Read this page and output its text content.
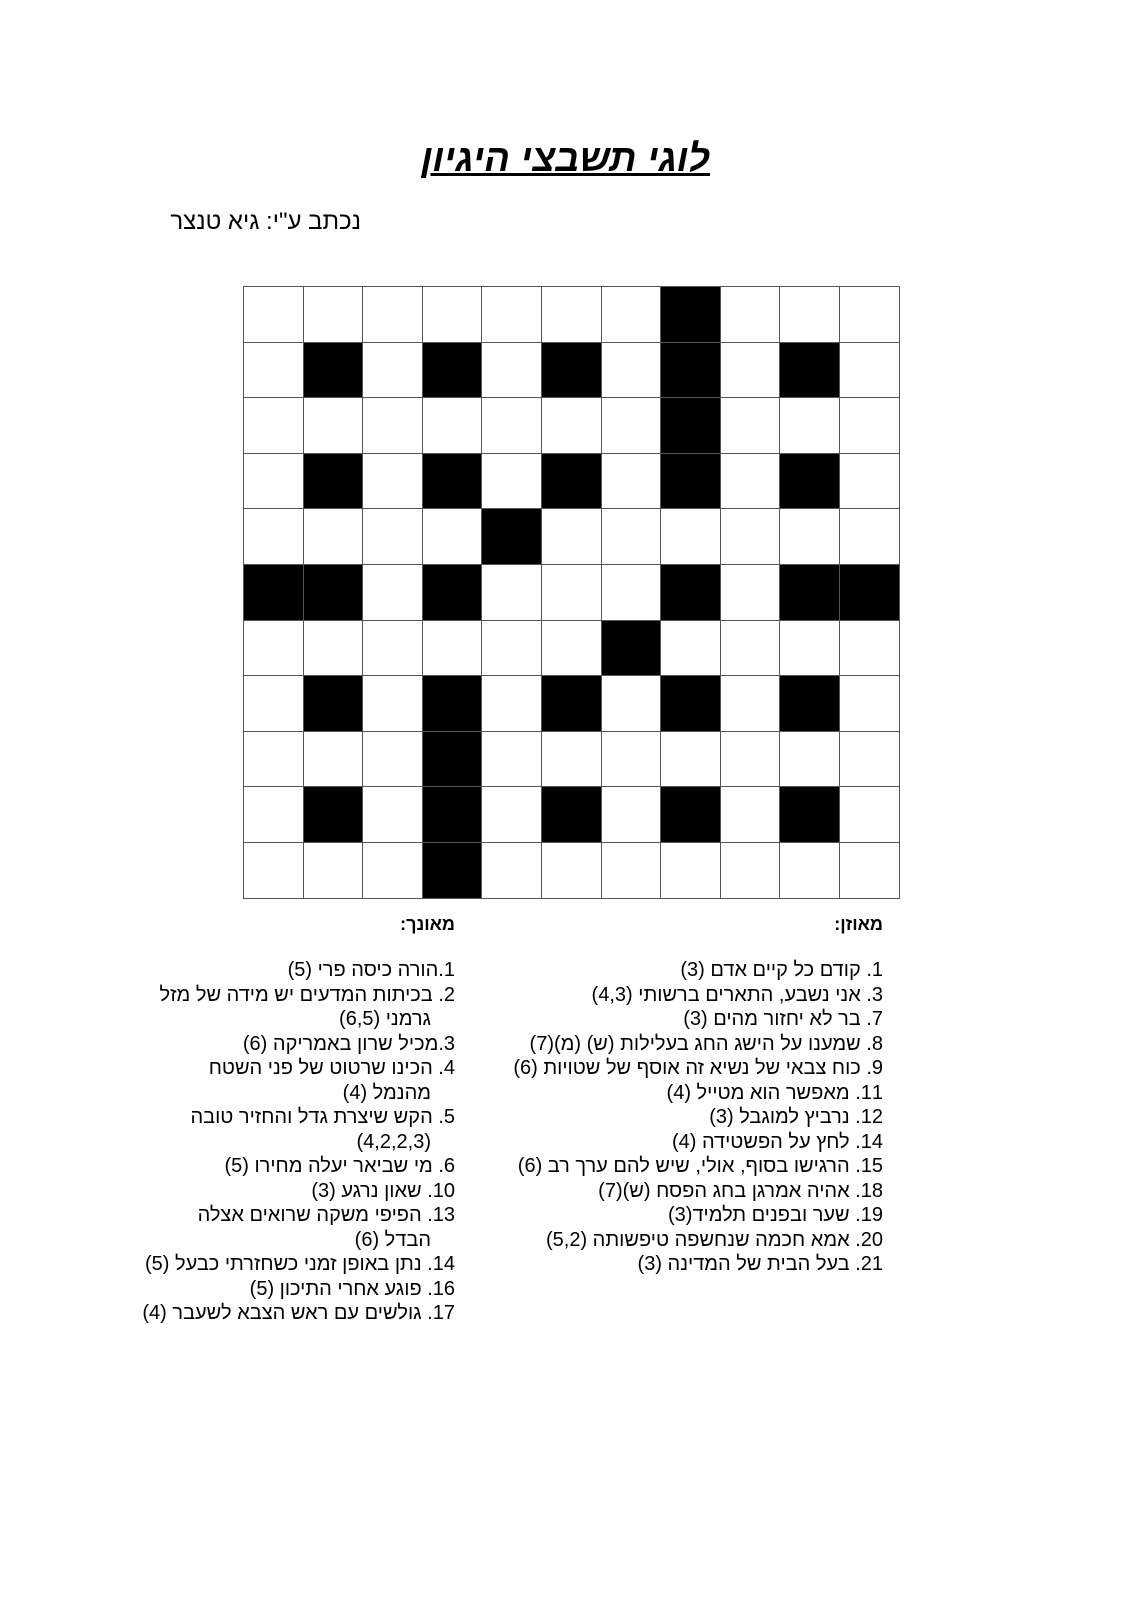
לוגי תשבצי היגיון
נכתב ע"י: גיא טנצר
מאוזן:
מאונך:
1. קודם כל קיים אדם (3)
3. אני נשבע, התארים ברשותי (4,3)
7. בר לא יחזור מהים (3)
8. שמענו על הישג החג בעלילות (ש) (מ)(7)
9. כוח צבאי של נשיא זה אוסף של שטויות (6)
11. מאפשר הוא מטייל (4)
12. נרביץ למוגבל (3)
14. לחץ על הפשטידה (4)
15. הרגישו בסוף, אולי, שיש להם ערך רב (6)
18. אהיה אמרגן בחג הפסח (ש)(7)
19. שער ובפנים תלמיד(3)
20. אמא חכמה שנחשפה טיפשותה (5,2)
21. בעל הבית של המדינה (3)
1.הורה כיסה פרי (5)
2. בכיתות המדעים יש מידה של מזל
גרמני (6,5)
3.מכיל שרון באמריקה (6)
4. הכינו שרטוט של פני השטח
מהנמל (4)
5. הקש שיצרת גדל והחזיר טובה
(4,2,2,3)
6. מי שביאר יעלה מחירו (5)
10. שאון נרגע (3)
13. הפיפי משקה שרואים אצלה
הבדל (6)
14. נתן באופן זמני כשחזרתי כבעל (5)
16. פוגע אחרי התיכון (5)
17. גולשים עם ראש הצבא לשעבר (4)
